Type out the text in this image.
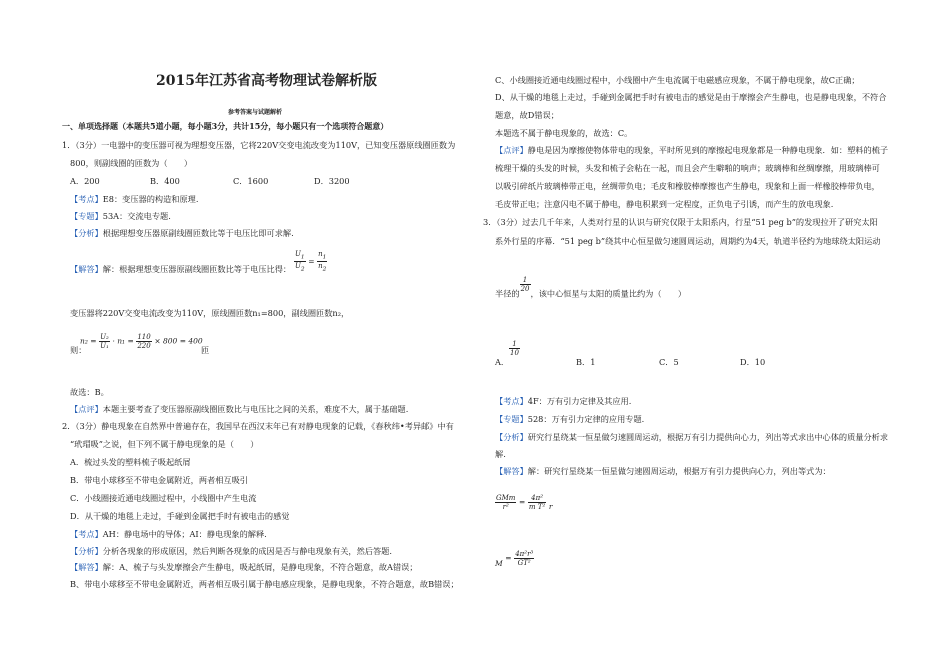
2015年江苏省高考物理试卷解析版
参考答案与试题解析
一、单项选择题（本题共5道小题，每小题3分，共计15分，每小题只有一个选项符合题意）
1．（3分）一电器中的变压器可视为理想变压器，它将220V交变电流改变为110V，已知变压器原线圈匝数为
800，则副线圈的匝数为（　　）
A．200	B．400	C．1600	D．3200
【考点】E8：变压器的构造和原理.
【专题】53A：交流电专题.
【分析】根据理想变压器原副线圈匝数比等于电压比即可求解.
$\frac{U_1}{U_2} = \frac{n_1}{n_2}$
【解答】解：根据理想变压器原副线圈匝数比等于电压比得：
变压器将220V交变电流改变为110V，原线圈匝数n₁=800，副线圈匝数n₂，
$n_2 = \frac{\text{U₂}}{\text{U₁}} \cdot n_1 = \frac{110}{220} \times 800 = 400$
则：	匝
故选：B。
【点评】本题主要考查了变压器原副线圈匝数比与电压比之间的关系，难度不大，属于基础题.
2．（3分）静电现象在自然界中普遍存在，我国早在西汉末年已有对静电现象的记载，《春秋纬•考异邮》中有
“玳瑁吸”之说，但下列不属于静电现象的是（　　）
A．梳过头发的塑料梳子吸起纸屑
B．带电小球移至不带电金属附近，两者相互吸引
C．小线圈接近通电线圈过程中，小线圈中产生电流
D．从干燥的地毯上走过，手碰到金属把手时有被电击的感觉
【考点】AH：静电场中的导体；AI：静电现象的解释.
【分析】分析各现象的形成原因，然后判断各现象的成因是否与静电现象有关，然后答题.
【解答】解：A、梳子与头发摩擦会产生静电，吸起纸屑，是静电现象，不符合题意，故A错误；
B、带电小球移至不带电金属附近，两者相互吸引属于静电感应现象，是静电现象，不符合题意，故B错误；
C、小线圈接近通电线圈过程中，小线圈中产生电流属于电磁感应现象，不属于静电现象，故C正确；
D、从干燥的地毯上走过，手碰到金属把手时有被电击的感觉是由于摩擦会产生静电，也是静电现象，不符合
题意，故D错误；
本题选不属于静电现象的，故选：C。
【点评】静电是因为摩擦使物体带电的现象，平时所见到的摩擦起电现象都是一种静电现象．如：塑料的梳子
梳理干燥的头发的时候，头发和梳子会粘在一起，而且会产生噼啪的响声；玻璃棒和丝绸摩擦，用玻璃棒可
以吸引碎纸片玻璃棒带正电，丝绸带负电；毛皮和橡胶棒摩擦也产生静电，现象和上面一样橡胶棒带负电，
毛皮带正电；注意闪电不属于静电，静电积累到一定程度，正负电子引诱，而产生的放电现象.
3．（3分）过去几千年来，人类对行星的认识与研究仅限于太阳系内，行星“51 peg b”的发现拉开了研究太阳
系外行星的序幕．“51 peg b”绕其中心恒星做匀速圆周运动，周期约为4天，轨道半径约为地球绕太阳运动
半径的
$\frac{1}{20}$
，该中心恒星与太阳的质量比约为（　　）
$\frac{1}{10}$
A．	B．1	C．5	D．10
【考点】4F：万有引力定律及其应用.
【专题】528：万有引力定律的应用专题.
【分析】研究行星绕某一恒星做匀速圆周运动，根据万有引力提供向心力，列出等式求出中心体的质量分析求
解.
【解答】解：研究行星绕某一恒星做匀速圆周运动，根据万有引力提供向心力，列出等式为：
$\frac{\text{GMm}}{\text{r²}} = \frac{\text{4π²}}{\text{m T²}}$ r
$M = \frac{\text{4π²r³}}{\text{GT²}}$
